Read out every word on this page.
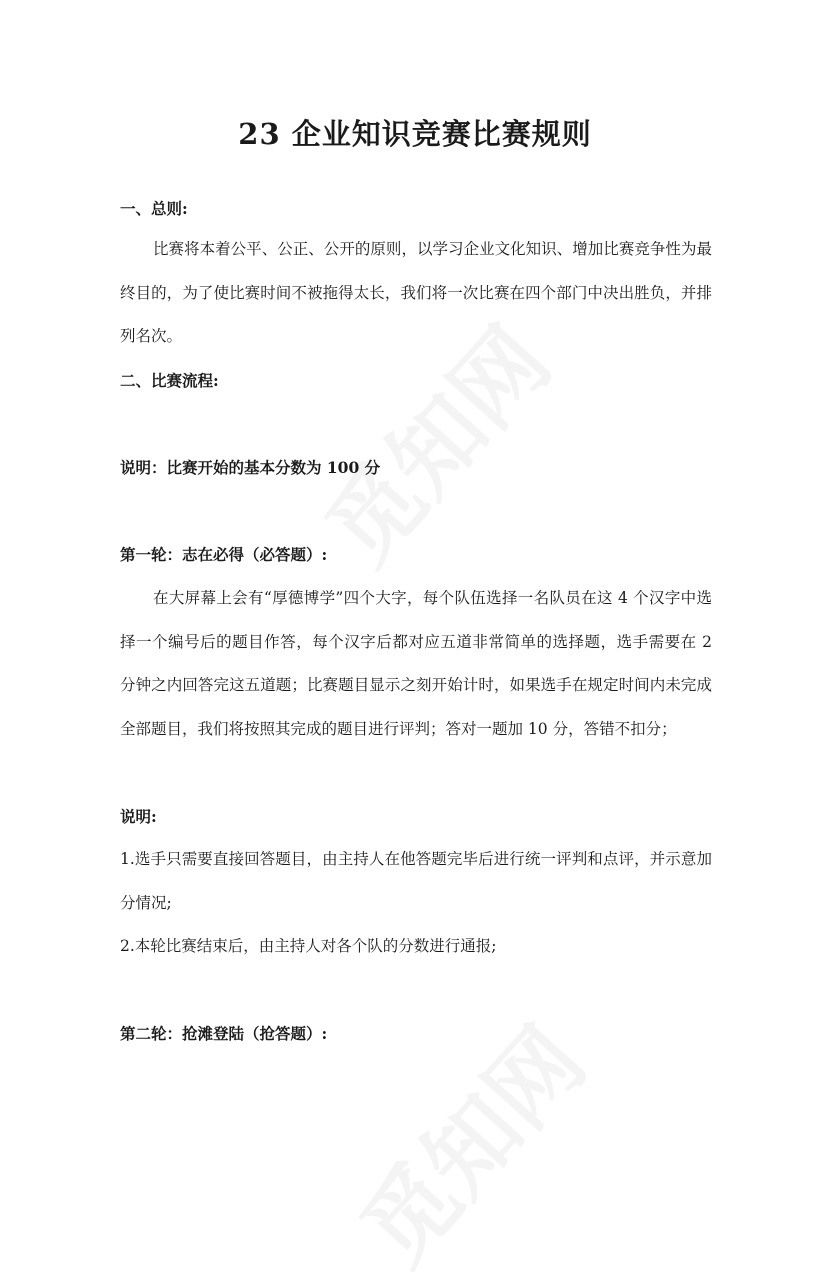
23 企业知识竞赛比赛规则

一、总则:

比赛将本着公平、公正、公开的原则，以学习企业文化知识、增加比赛竞争性为最终目的，为了使比赛时间不被拖得太长，我们将一次比赛在四个部门中决出胜负，并排列名次。

二、比赛流程:

说明：比赛开始的基本分数为 100 分

第一轮：志在必得（必答题）:

在大屏幕上会有“厚德博学”四个大字，每个队伍选择一名队员在这 4 个汉字中选择一个编号后的题目作答，每个汉字后都对应五道非常简单的选择题，选手需要在 2 分钟之内回答完这五道题；比赛题目显示之刻开始计时，如果选手在规定时间内未完成全部题目，我们将按照其完成的题目进行评判；答对一题加 10 分，答错不扣分；

说明:

1.选手只需要直接回答题目，由主持人在他答题完毕后进行统一评判和点评，并示意加分情况;

2.本轮比赛结束后，由主持人对各个队的分数进行通报;

第二轮：抢滩登陆（抢答题）:
